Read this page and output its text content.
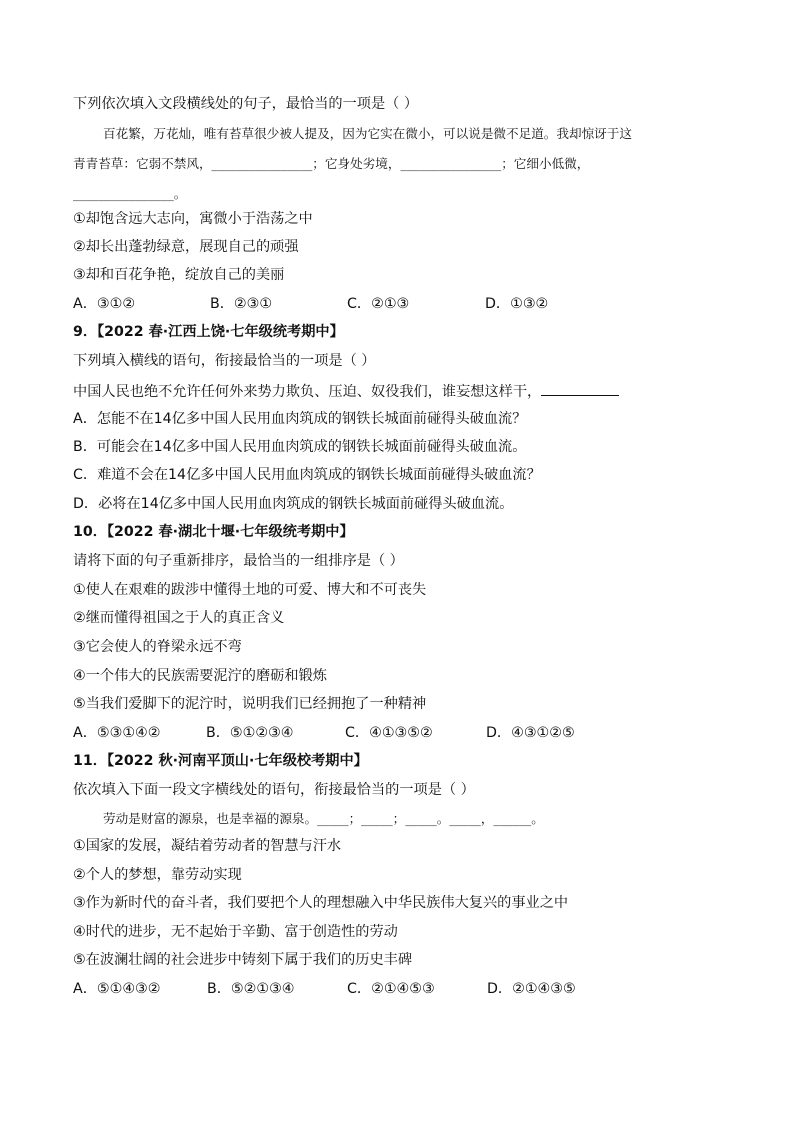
下列依次填入文段横线处的句子，最恰当的一项是（ ）
百花繁，万花灿，唯有苔草很少被人提及，因为它实在微小，可以说是微不足道。我却惊讶于这
青青苔草：它弱不禁风，________________；它身处劣境，________________；它细小低微，
________________。
①却饱含远大志向，寓微小于浩荡之中
②却长出蓬勃绿意，展现自己的顽强
③却和百花争艳，绽放自己的美丽
A．③①②	B．②③①	C．②①③	D．①③②
9．【2022 春·江西上饶·七年级统考期中】
下列填入横线的语句，衔接最恰当的一项是（ ）
中国人民也绝不允许任何外来势力欺负、压迫、奴役我们，谁妄想这样干，
A．怎能不在14亿多中国人民用血肉筑成的钢铁长城面前碰得头破血流？
B．可能会在14亿多中国人民用血肉筑成的钢铁长城面前碰得头破血流。
C．难道不会在14亿多中国人民用血肉筑成的钢铁长城面前碰得头破血流？
D．必将在14亿多中国人民用血肉筑成的钢铁长城面前碰得头破血流。
10．【2022 春·湖北十堰·七年级统考期中】
请将下面的句子重新排序，最恰当的一组排序是（ ）
①使人在艰难的跋涉中懂得土地的可爱、博大和不可丧失
②继而懂得祖国之于人的真正含义
③它会使人的脊梁永远不弯
④一个伟大的民族需要泥泞的磨砺和锻炼
⑤当我们爱脚下的泥泞时，说明我们已经拥抱了一种精神
A．⑤③①④②	B．⑤①②③④	C．④①③⑤②	D．④③①②⑤
11．【2022 秋·河南平顶山·七年级校考期中】
依次填入下面一段文字横线处的语句，衔接最恰当的一项是（ ）
劳动是财富的源泉，也是幸福的源泉。_____；_____；_____。_____，______。
①国家的发展，凝结着劳动者的智慧与汗水
②个人的梦想，靠劳动实现
③作为新时代的奋斗者，我们要把个人的理想融入中华民族伟大复兴的事业之中
④时代的进步，无不起始于辛勤、富于创造性的劳动
⑤在波澜壮阔的社会进步中铸刻下属于我们的历史丰碑
A．⑤①④③②	B．⑤②①③④	C．②①④⑤③	D．②①④③⑤
